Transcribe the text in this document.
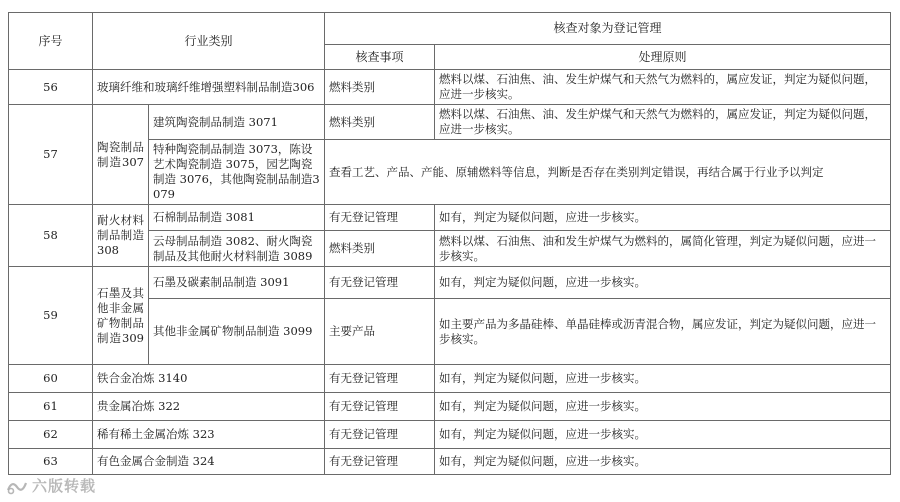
序号	行业类别		核查对象为登记管理	
			核查事项	处理原则
56	玻璃纤维和玻璃纤维增强塑料制品制造306		燃料类别	燃料以煤、石油焦、油、发生炉煤气和天然气为燃料的，属应发证，判定为疑似问题，应进一步核实。
57	陶瓷制品制造307	建筑陶瓷制品制造 3071	燃料类别	燃料以煤、石油焦、油、发生炉煤气和天然气为燃料的，属应发证，判定为疑似问题，应进一步核实。
		特种陶瓷制品制造 3073，陈设艺术陶瓷制造 3075，园艺陶瓷制造 3076，其他陶瓷制品制造3079	查看工艺、产品、产能、原辅燃料等信息，判断是否存在类别判定错误，再结合属于行业予以判定	
58	耐火材料制品制造308	石棉制品制造 3081	有无登记管理	如有，判定为疑似问题，应进一步核实。
		云母制品制造 3082、耐火陶瓷制品及其他耐火材料制造 3089	燃料类别	燃料以煤、石油焦、油和发生炉煤气为燃料的，属简化管理，判定为疑似问题，应进一步核实。
59	石墨及其他非金属矿物制品制造309	石墨及碳素制品制造 3091	有无登记管理	如有，判定为疑似问题，应进一步核实。
		其他非金属矿物制品制造 3099	主要产品	如主要产品为多晶硅棒、单晶硅棒或沥青混合物，属应发证，判定为疑似问题，应进一步核实。
60	铁合金冶炼 3140		有无登记管理	如有，判定为疑似问题，应进一步核实。
61	贵金属冶炼 322		有无登记管理	如有，判定为疑似问题，应进一步核实。
62	稀有稀土金属冶炼 323		有无登记管理	如有，判定为疑似问题，应进一步核实。
63	有色金属合金制造 324		有无登记管理	如有，判定为疑似问题，应进一步核实。
六版转载
